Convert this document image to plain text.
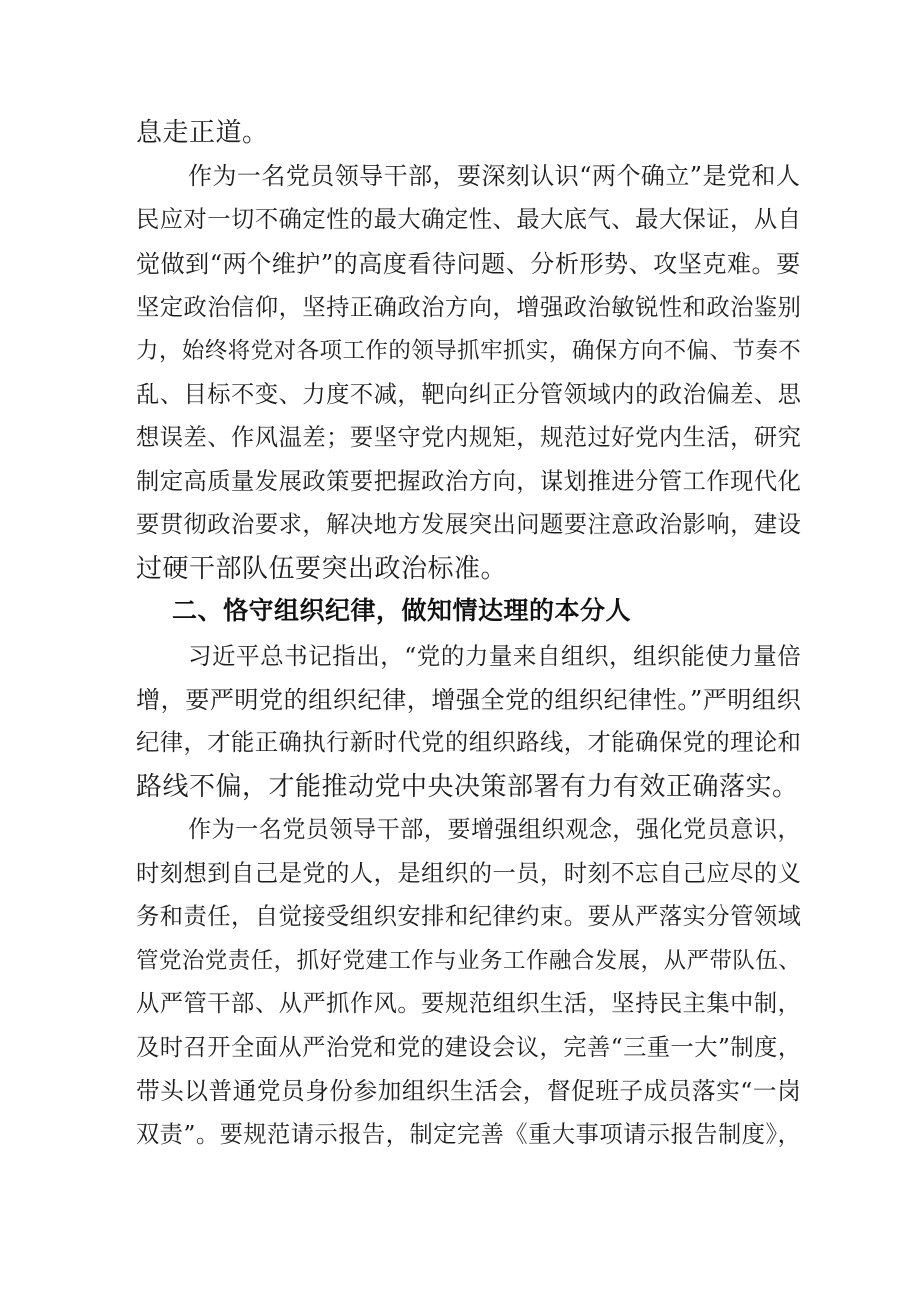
息走正道。
作为一名党员领导干部，要深刻认识“两个确立”是党和人
民应对一切不确定性的最大确定性、最大底气、最大保证，从自
觉做到“两个维护”的高度看待问题、分析形势、攻坚克难。要
坚定政治信仰，坚持正确政治方向，增强政治敏锐性和政治鉴别
力，始终将党对各项工作的领导抓牢抓实，确保方向不偏、节奏不
乱、目标不变、力度不减，靶向纠正分管领域内的政治偏差、思
想误差、作风温差；要坚守党内规矩，规范过好党内生活，研究
制定高质量发展政策要把握政治方向，谋划推进分管工作现代化
要贯彻政治要求，解决地方发展突出问题要注意政治影响，建设
过硬干部队伍要突出政治标准。
二、恪守组织纪律，做知情达理的本分人
习近平总书记指出，“党的力量来自组织，组织能使力量倍
增，要严明党的组织纪律，增强全党的组织纪律性。”严明组织
纪律，才能正确执行新时代党的组织路线，才能确保党的理论和
路线不偏，才能推动党中央决策部署有力有效正确落实。
作为一名党员领导干部，要增强组织观念，强化党员意识，
时刻想到自己是党的人，是组织的一员，时刻不忘自己应尽的义
务和责任，自觉接受组织安排和纪律约束。要从严落实分管领域
管党治党责任，抓好党建工作与业务工作融合发展，从严带队伍、
从严管干部、从严抓作风。要规范组织生活，坚持民主集中制，
及时召开全面从严治党和党的建设会议，完善“三重一大”制度，
带头以普通党员身份参加组织生活会，督促班子成员落实“一岗
双责”。要规范请示报告，制定完善《重大事项请示报告制度》，
